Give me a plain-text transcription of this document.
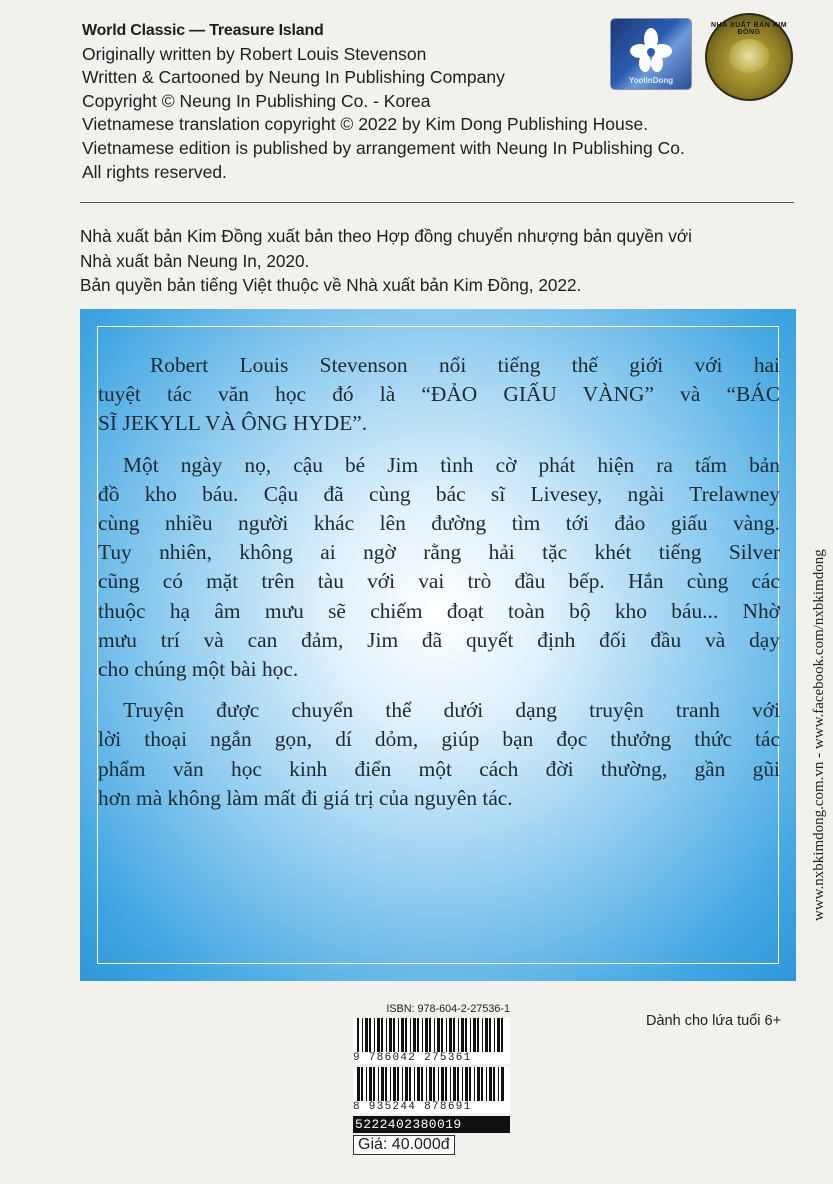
World Classic — Treasure Island
Originally written by Robert Louis Stevenson
Written & Cartooned by Neung In Publishing Company
Copyright © Neung In Publishing Co. - Korea
Vietnamese translation copyright © 2022 by Kim Dong Publishing House.
Vietnamese edition is published by arrangement with Neung In Publishing Co.
All rights reserved.
YoolinDong
NHÀ XUẤT BẢN KIM ĐỒNG
Nhà xuất bản Kim Đồng xuất bản theo Hợp đồng chuyển nhượng bản quyền với
Nhà xuất bản Neung In, 2020.
Bản quyền bản tiếng Việt thuộc về Nhà xuất bản Kim Đồng, 2022.

Robert Louis Stevenson nổi tiếng thế giới với hai
tuyệt tác văn học đó là “ĐẢO GIẤU VÀNG” và “BÁC
SĨ JEKYLL VÀ ÔNG HYDE”.

Một ngày nọ, cậu bé Jim tình cờ phát hiện ra tấm bản
đồ kho báu. Cậu đã cùng bác sĩ Livesey, ngài Trelawney
cùng nhiều người khác lên đường tìm tới đảo giấu vàng.
Tuy nhiên, không ai ngờ rằng hải tặc khét tiếng Silver
cũng có mặt trên tàu với vai trò đầu bếp. Hắn cùng các
thuộc hạ âm mưu sẽ chiếm đoạt toàn bộ kho báu... Nhờ
mưu trí và can đảm, Jim đã quyết định đối đầu và dạy
cho chúng một bài học.

Truyện được chuyển thể dưới dạng truyện tranh với
lời thoại ngắn gọn, dí dỏm, giúp bạn đọc thưởng thức tác
phẩm văn học kinh điển một cách đời thường, gần gũi
hơn mà không làm mất đi giá trị của nguyên tác.	www.nxbkimdong.com.vn - www.facebook.com/nxbkimdong
ISBN: 978-604-2-27536-1
9 786042 275361
8 935244 878691
5222402380019
Giá: 40.000đ
Dành cho lứa tuổi 6+
